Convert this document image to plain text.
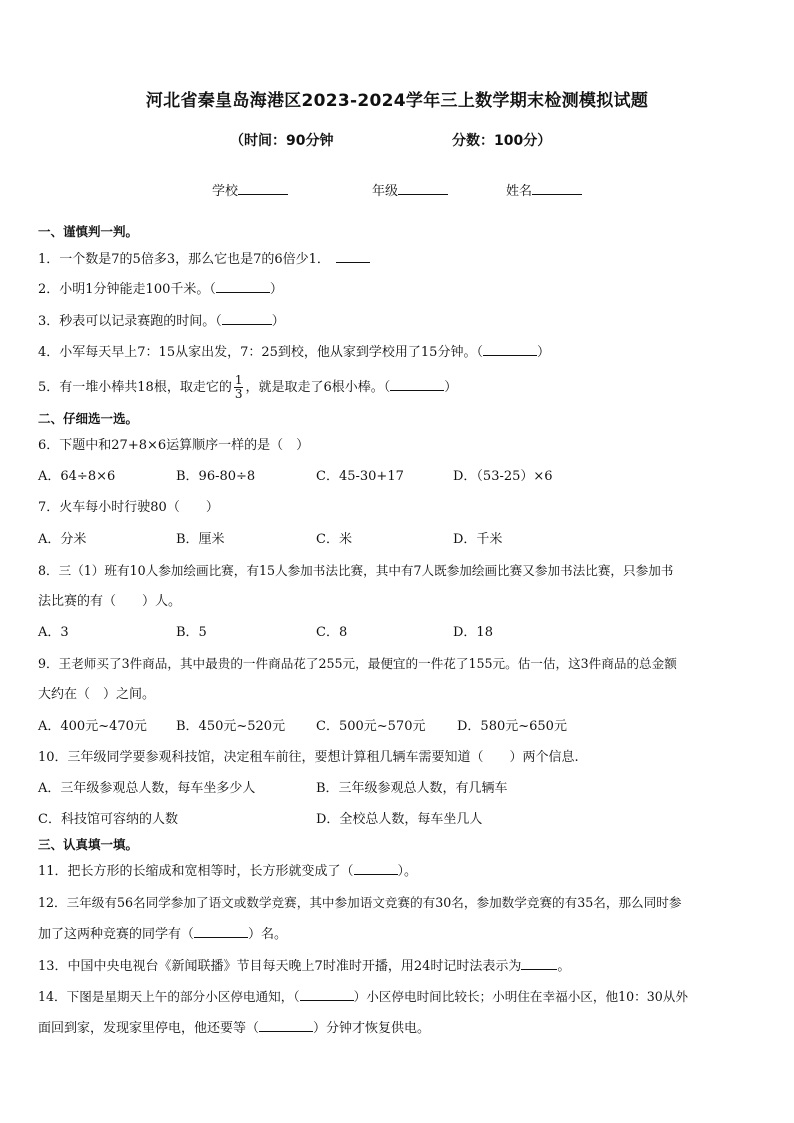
河北省秦皇岛海港区2023-2024学年三上数学期末检测模拟试题
（时间：90分钟	分数：100分）
学校	年级	姓名
一、谨慎判一判。
1．一个数是7的5倍多3，那么它也是7的6倍少1．
2．小明1分钟能走100千米。（	）
3．秒表可以记录赛跑的时间。（	）
4．小军每天早上7：15从家出发，7：25到校，他从家到学校用了15分钟。（	）
5．有一堆小棒共18根，取走它的 $\frac{1}{3}$ ，就是取走了6根小棒。（	）
二、仔细选一选。
6．下题中和27+8×6运算顺序一样的是（　）
A．64÷8×6	B．96-80÷8	C．45-30+17	D．（53-25）×6
7．火车每小时行驶80（　　）
A．分米	B．厘米	C．米	D．千米
8．三（1）班有10人参加绘画比赛，有15人参加书法比赛，其中有7人既参加绘画比赛又参加书法比赛，只参加书
法比赛的有（　　）人。
A．3	B．5	C．8	D．18
9．王老师买了3件商品，其中最贵的一件商品花了255元，最便宜的一件花了155元。估一估，这3件商品的总金额
大约在（　）之间。
A．400元~470元 B．450元~520元 C．500元~570元 D．580元~650元
10．三年级同学要参观科技馆，决定租车前往，要想计算租几辆车需要知道（　　）两个信息.
A．三年级参观总人数，每车坐多少人	B．三年级参观总人数，有几辆车
C．科技馆可容纳的人数	D．全校总人数，每车坐几人
三、认真填一填。
11．把长方形的长缩成和宽相等时，长方形就变成了（	）。
12．三年级有56名同学参加了语文或数学竞赛，其中参加语文竞赛的有30名，参加数学竞赛的有35名，那么同时参
加了这两种竞赛的同学有（	）名。
13．中国中央电视台《新闻联播》节目每天晚上7时准时开播，用24时记时法表示为	。
14．下图是星期天上午的部分小区停电通知，（	）小区停电时间比较长；小明住在幸福小区，他10：30从外
面回到家，发现家里停电，他还要等（	）分钟才恢复供电。
